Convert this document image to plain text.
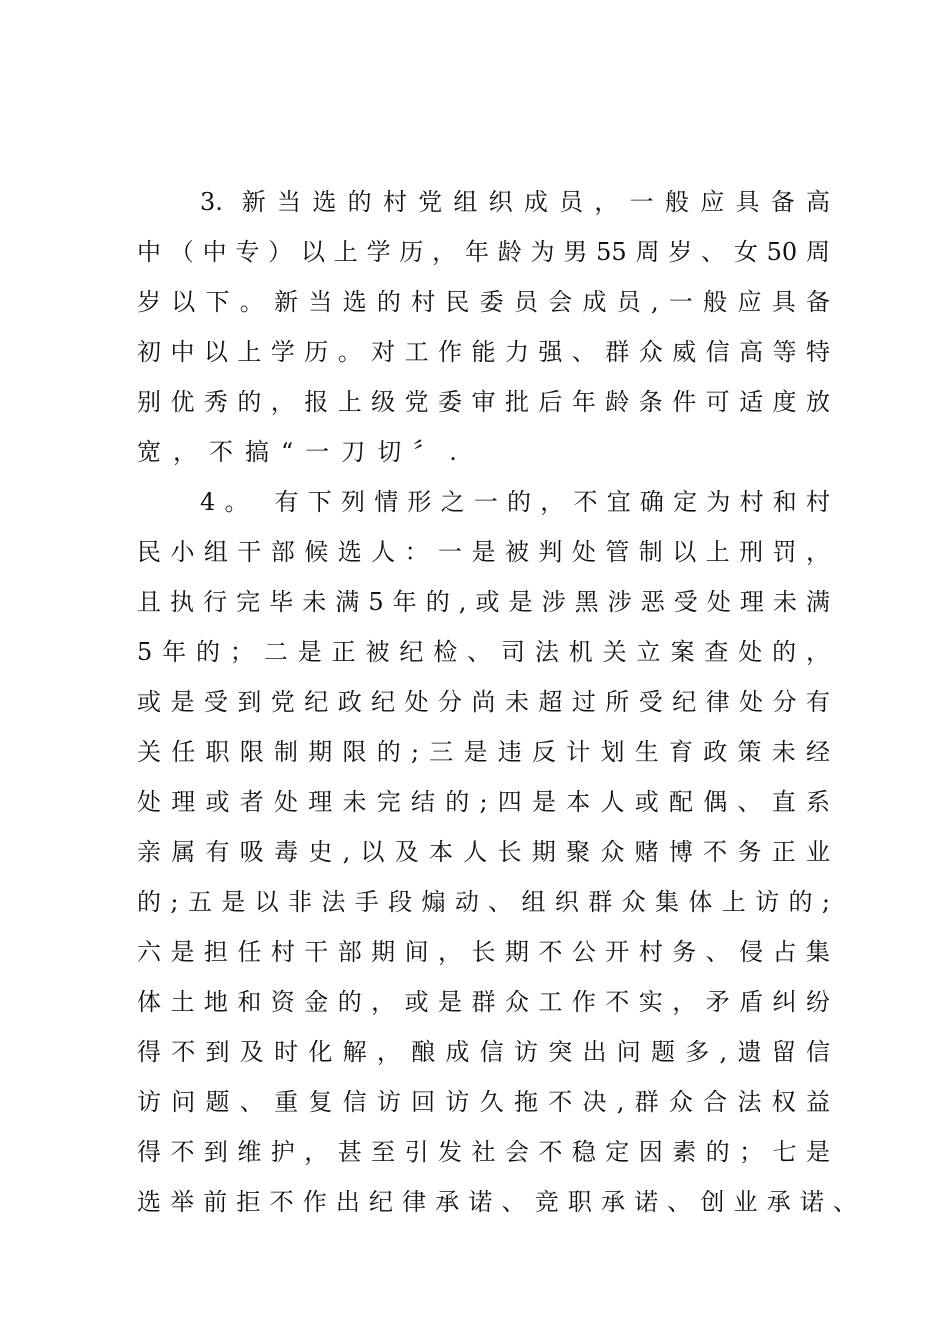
3. 新当选的村党组织成员，一般应具备高
中（中专）以上学历，年龄为男55周岁、女50周
岁以下。新当选的村民委员会成员,一般应具备
初中以上学历。对工作能力强、群众威信高等特
别优秀的，报上级党委审批后年龄条件可适度放
宽，不搞“一刀切〞.
4。 有下列情形之一的，不宜确定为村和村
民小组干部候选人：一是被判处管制以上刑罚，
且执行完毕未满5年的,或是涉黑涉恶受处理未满
5年的；二是正被纪检、司法机关立案查处的，
或是受到党纪政纪处分尚未超过所受纪律处分有
关任职限制期限的;三是违反计划生育政策未经
处理或者处理未完结的;四是本人或配偶、直系
亲属有吸毒史,以及本人长期聚众赌博不务正业
的;五是以非法手段煽动、组织群众集体上访的;
六是担任村干部期间，长期不公开村务、侵占集
体土地和资金的，或是群众工作不实，矛盾纠纷
得不到及时化解，酿成信访突出问题多,遗留信
访问题、重复信访回访久拖不决,群众合法权益
得不到维护，甚至引发社会不稳定因素的；七是
选举前拒不作出纪律承诺、竞职承诺、创业承诺、
